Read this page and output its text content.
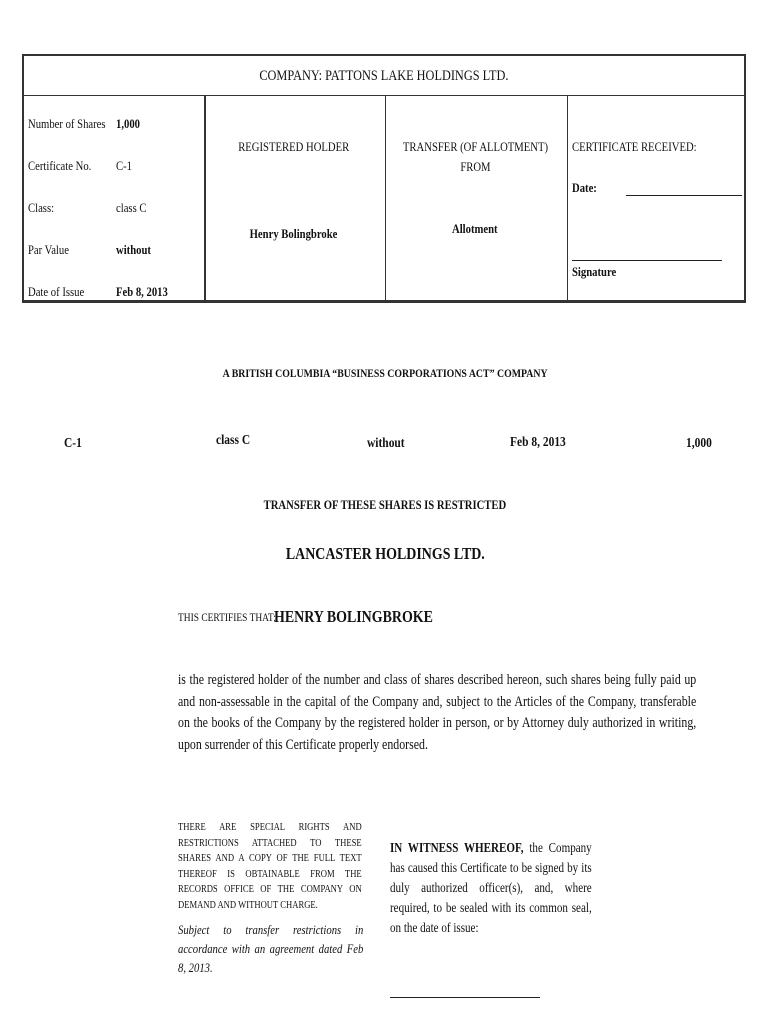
COMPANY: PATTONS LAKE HOLDINGS LTD.
Number of Shares 1,000
Certificate No.	C-1
Class:	class C
Par Value	without
Date of Issue	Feb 8, 2013
REGISTERED HOLDER
Henry Bolingbroke
TRANSFER (OF ALLOTMENT)
FROM
Allotment
CERTIFICATE RECEIVED:
Date:
Signature
A BRITISH COLUMBIA “BUSINESS CORPORATIONS ACT” COMPANY
C-1	class C	without	Feb 8, 2013	1,000
TRANSFER OF THESE SHARES IS RESTRICTED
LANCASTER HOLDINGS LTD.
THIS CERTIFIES THAT:
HENRY BOLINGBROKE
is the registered holder of the number and class of shares described hereon, such shares being fully paid up and non-assessable in the capital of the Company and, subject to the Articles of the Company, transferable on the books of the Company by the registered holder in person, or by Attorney duly authorized in writing, upon surrender of this Certificate properly endorsed.
THERE ARE SPECIAL RIGHTS AND RESTRICTIONS ATTACHED TO THESE SHARES AND A COPY OF THE FULL TEXT THEREOF IS OBTAINABLE FROM THE RECORDS OFFICE OF THE COMPANY ON DEMAND AND WITHOUT CHARGE.
Subject to transfer restrictions in accordance with an agreement dated Feb 8, 2013.
IN WITNESS WHEREOF, the Company has caused this Certificate to be signed by its duly authorized officer(s), and, where required, to be sealed with its common seal, on the date of issue:
